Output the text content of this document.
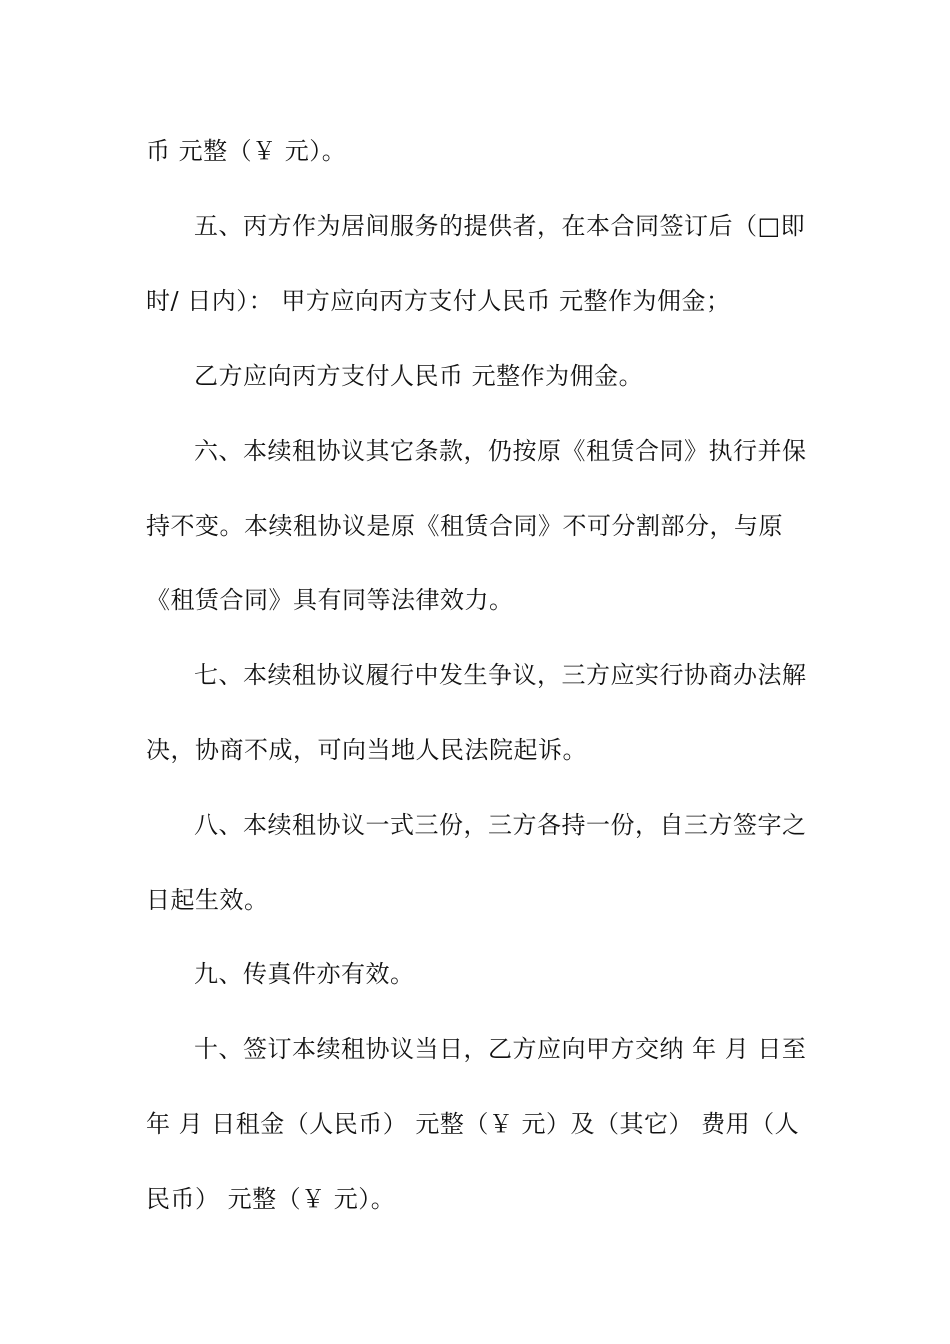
币 元整（￥ 元）。
五、丙方作为居间服务的提供者，在本合同签订后（□即
时/ 日内）： 甲方应向丙方支付人民币 元整作为佣金；
乙方应向丙方支付人民币 元整作为佣金。
六、本续租协议其它条款，仍按原《租赁合同》执行并保
持不变。本续租协议是原《租赁合同》不可分割部分，与原
《租赁合同》具有同等法律效力。
七、本续租协议履行中发生争议，三方应实行协商办法解
决，协商不成，可向当地人民法院起诉。
八、本续租协议一式三份，三方各持一份，自三方签字之
日起生效。
九、传真件亦有效。
十、签订本续租协议当日，乙方应向甲方交纳 年 月 日至
年 月 日租金（人民币） 元整（￥ 元）及（其它） 费用（人
民币） 元整（￥ 元）。
